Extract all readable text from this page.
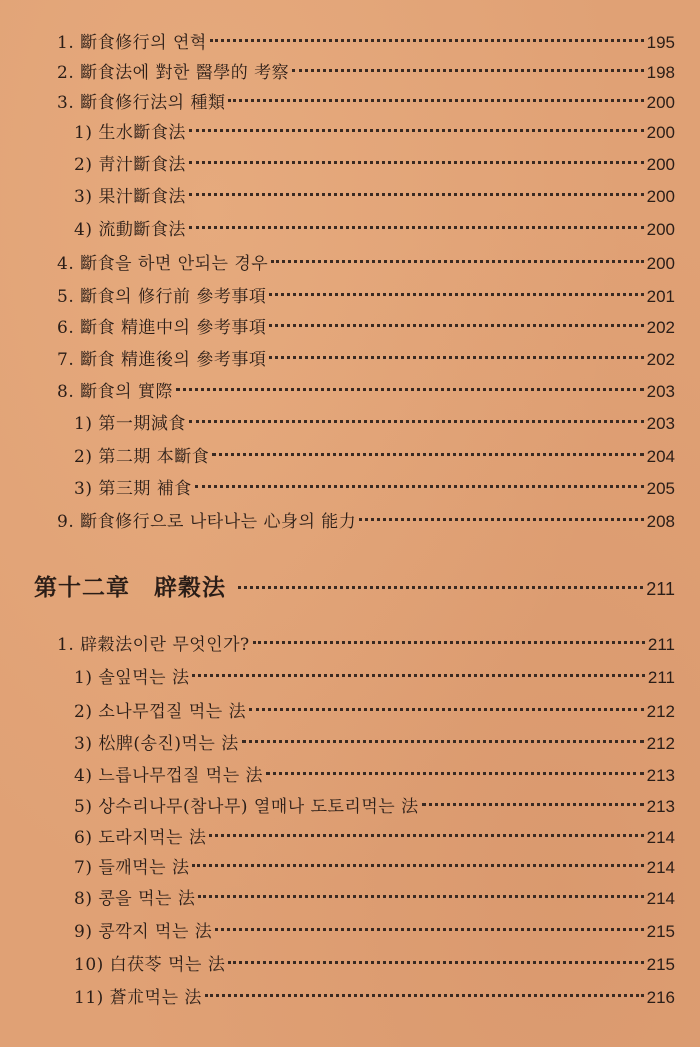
1. 斷食修行의 연혁	195
2. 斷食法에 對한 醫學的 考察	198
3. 斷食修行法의 種類	200
1) 生水斷食法	200
2) 靑汁斷食法	200
3) 果汁斷食法	200
4) 流動斷食法	200
4. 斷食을 하면 안되는 경우	200
5. 斷食의 修行前 參考事項	201
6. 斷食 精進中의 參考事項	202
7. 斷食 精進後의 參考事項	202
8. 斷食의 實際	203
1) 第一期減食	203
2) 第二期 本斷食	204
3) 第三期 補食	205
9. 斷食修行으로 나타나는 心身의 能力	208
第十二章　辟穀法	211
1. 辟穀法이란 무엇인가?	211
1) 솔잎먹는 法	211
2) 소나무껍질 먹는 法	212
3) 松脾(송진)먹는 法	212
4) 느릅나무껍질 먹는 法	213
5) 상수리나무(참나무) 열매나 도토리먹는 法	213
6) 도라지먹는 法	214
7) 들깨먹는 法	214
8) 콩을 먹는 法	214
9) 콩깍지 먹는 法	215
10) 白茯苓 먹는 法	215
11) 蒼朮먹는 法	216
